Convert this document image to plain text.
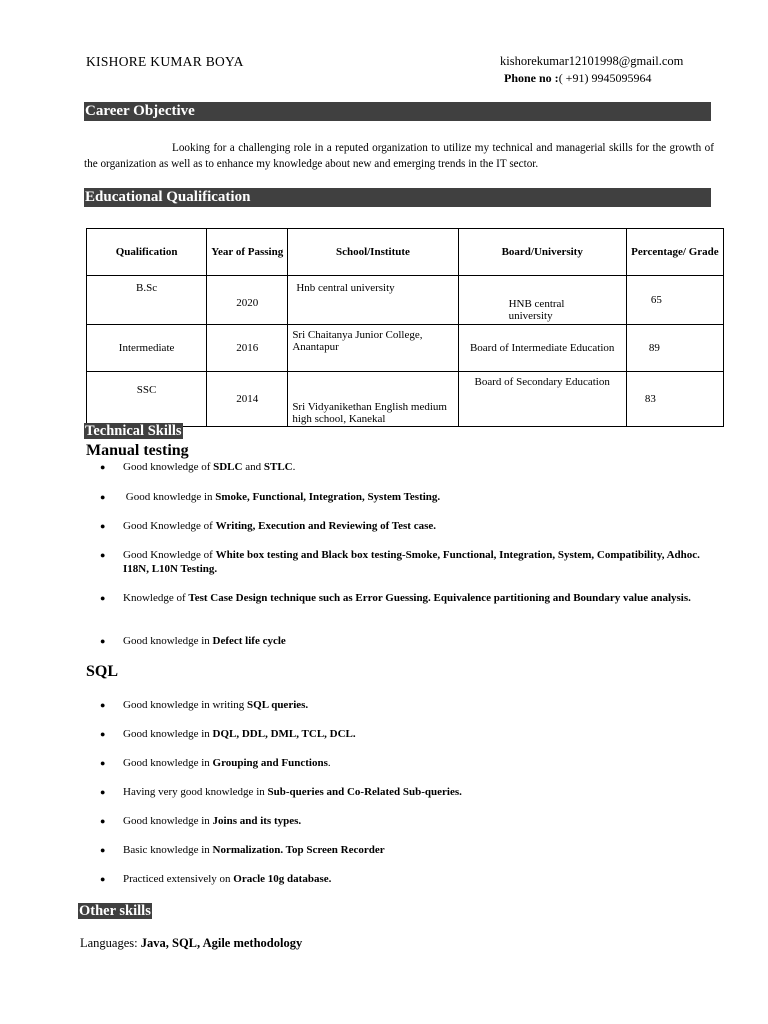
KISHORE KUMAR BOYA	kishorekumar12101998@gmail.com
Phone no :( +91) 9945095964
Career Objective
Looking for a challenging role in a reputed organization to utilize my technical and managerial skills for the growth of the organization as well as to enhance my knowledge about new and emerging trends in the IT sector.
Educational Qualification
Qualification	Year of Passing	School/Institute	Board/University	Percentage/ Grade
B.Sc	2020	Hnb central university	HNB central university	65
Intermediate	2016	Sri Chaitanya Junior College, Anantapur	Board of Intermediate Education	89
SSC	2014	Sri Vidyanikethan English medium high school, Kanekal	Board of Secondary Education	83
Technical Skills
Manual testing
● Good knowledge of SDLC and STLC.
● Good knowledge in Smoke, Functional, Integration, System Testing.
● Good Knowledge of Writing, Execution and Reviewing of Test case.
● Good Knowledge of White box testing and Black box testing-Smoke, Functional, Integration, System, Compatibility, Adhoc. I18N, L10N Testing.
● Knowledge of Test Case Design technique such as Error Guessing. Equivalence partitioning and Boundary value analysis.
● Good knowledge in Defect life cycle
SQL
● Good knowledge in writing SQL queries.
● Good knowledge in DQL, DDL, DML, TCL, DCL.
● Good knowledge in Grouping and Functions.
● Having very good knowledge in Sub-queries and Co-Related Sub-queries.
● Good knowledge in Joins and its types.
● Basic knowledge in Normalization. Top Screen Recorder
● Practiced extensively on Oracle 10g database.
Other skills
Languages: Java, SQL, Agile methodology
